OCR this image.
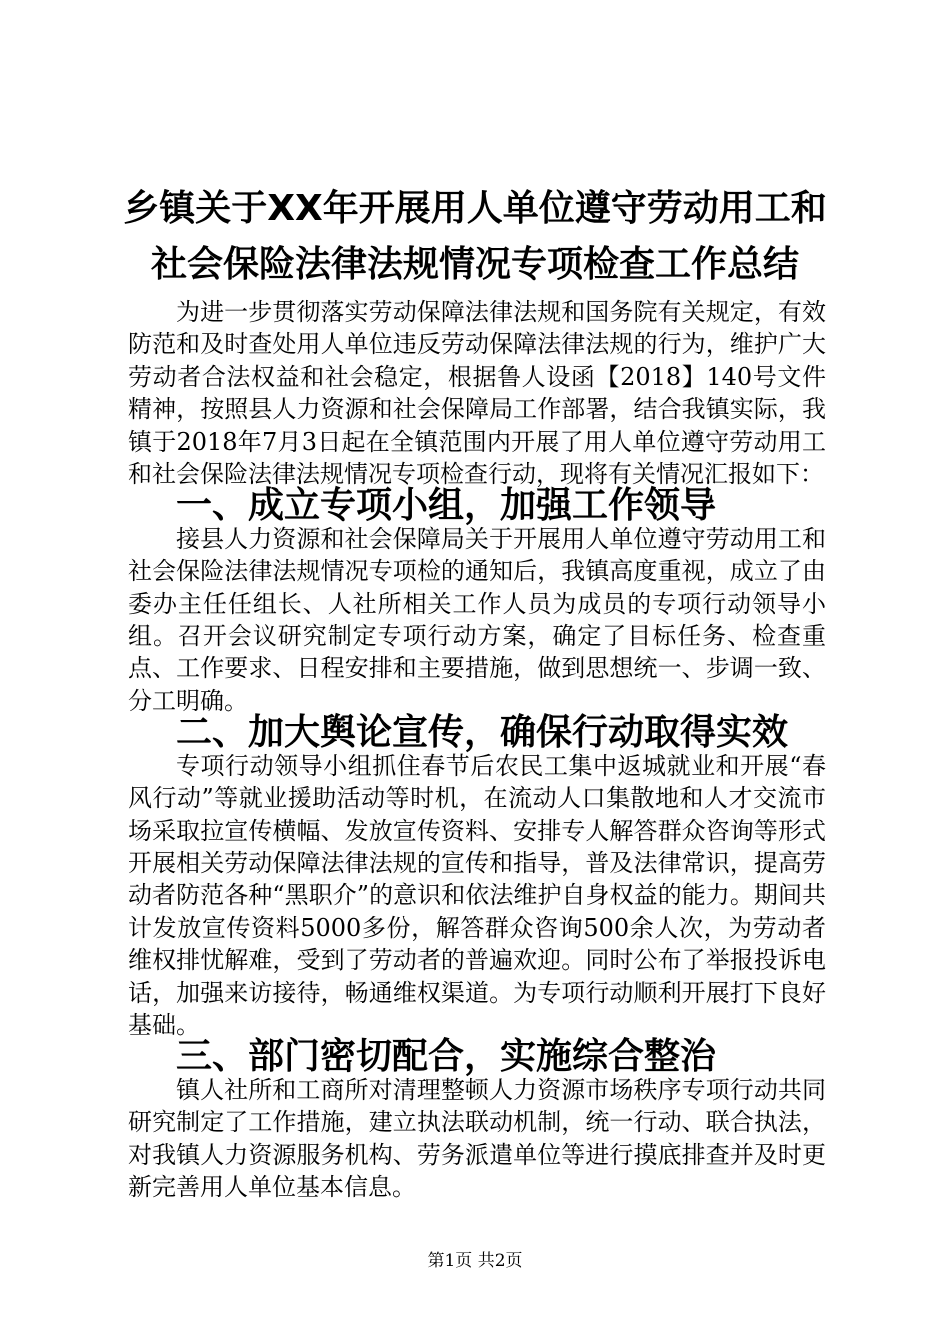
乡镇关于XX年开展用人单位遵守劳动用工和
社会保险法律法规情况专项检查工作总结

为进一步贯彻落实劳动保障法律法规和国务院有关规定，有效防范和及时查处用人单位违反劳动保障法律法规的行为，维护广大劳动者合法权益和社会稳定，根据鲁人设函【2018】140号文件精神，按照县人力资源和社会保障局工作部署，结合我镇实际，我镇于2018年7月3日起在全镇范围内开展了用人单位遵守劳动用工和社会保险法律法规情况专项检查行动，现将有关情况汇报如下：

一、成立专项小组，加强工作领导

接县人力资源和社会保障局关于开展用人单位遵守劳动用工和社会保险法律法规情况专项检的通知后，我镇高度重视，成立了由委办主任任组长、人社所相关工作人员为成员的专项行动领导小组。召开会议研究制定专项行动方案，确定了目标任务、检查重点、工作要求、日程安排和主要措施，做到思想统一、步调一致、分工明确。

二、加大舆论宣传，确保行动取得实效

专项行动领导小组抓住春节后农民工集中返城就业和开展“春风行动”等就业援助活动等时机，在流动人口集散地和人才交流市场采取拉宣传横幅、发放宣传资料、安排专人解答群众咨询等形式开展相关劳动保障法律法规的宣传和指导，普及法律常识，提高劳动者防范各种“黑职介”的意识和依法维护自身权益的能力。期间共计发放宣传资料5000多份，解答群众咨询500余人次，为劳动者维权排忧解难，受到了劳动者的普遍欢迎。同时公布了举报投诉电话，加强来访接待，畅通维权渠道。为专项行动顺利开展打下良好基础。

三、部门密切配合，实施综合整治

镇人社所和工商所对清理整顿人力资源市场秩序专项行动共同研究制定了工作措施，建立执法联动机制，统一行动、联合执法，对我镇人力资源服务机构、劳务派遣单位等进行摸底排查并及时更新完善用人单位基本信息。

第1页 共2页
